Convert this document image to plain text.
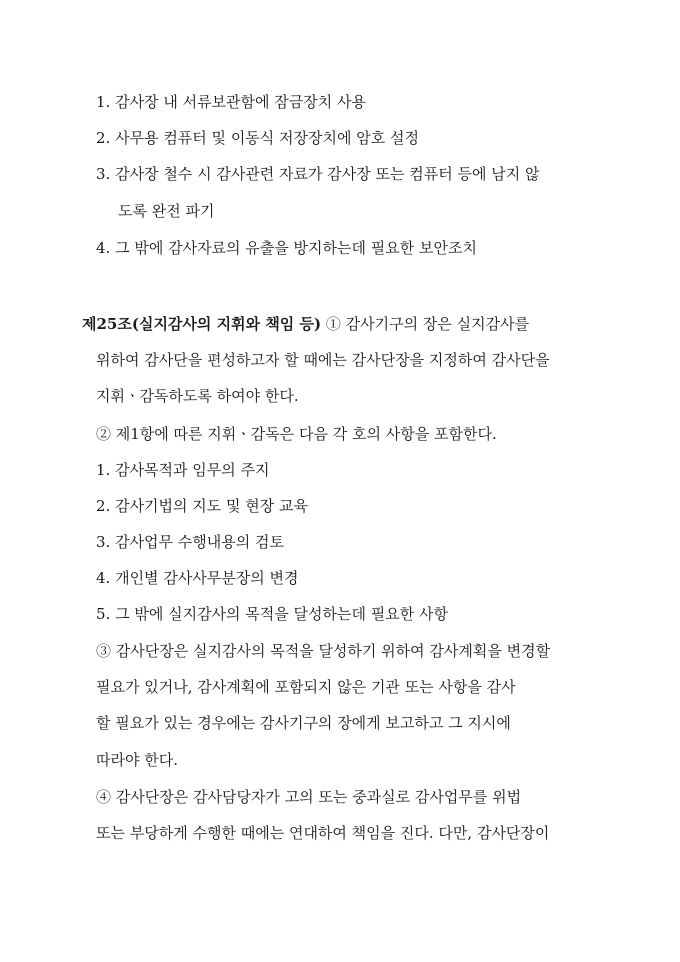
1. 감사장 내 서류보관함에 잠금장치 사용
2. 사무용 컴퓨터 및 이동식 저장장치에 암호 설정
3. 감사장 철수 시 감사관련 자료가 감사장 또는 컴퓨터 등에 남지 않
도록 완전 파기
4. 그 밖에 감사자료의 유출을 방지하는데 필요한 보안조치
제25조(실지감사의 지휘와 책임 등) ① 감사기구의 장은 실지감사를
위하여 감사단을 편성하고자 할 때에는 감사단장을 지정하여 감사단을
지휘ㆍ감독하도록 하여야 한다.
② 제1항에 따른 지휘ㆍ감독은 다음 각 호의 사항을 포함한다.
1. 감사목적과 임무의 주지
2. 감사기법의 지도 및 현장 교육
3. 감사업무 수행내용의 검토
4. 개인별 감사사무분장의 변경
5. 그 밖에 실지감사의 목적을 달성하는데 필요한 사항
③ 감사단장은 실지감사의 목적을 달성하기 위하여 감사계획을 변경할
필요가 있거나, 감사계획에 포함되지 않은 기관 또는 사항을 감사
할 필요가 있는 경우에는 감사기구의 장에게 보고하고 그 지시에
따라야 한다.
④ 감사단장은 감사담당자가 고의 또는 중과실로 감사업무를 위법
또는 부당하게 수행한 때에는 연대하여 책임을 진다. 다만, 감사단장이
